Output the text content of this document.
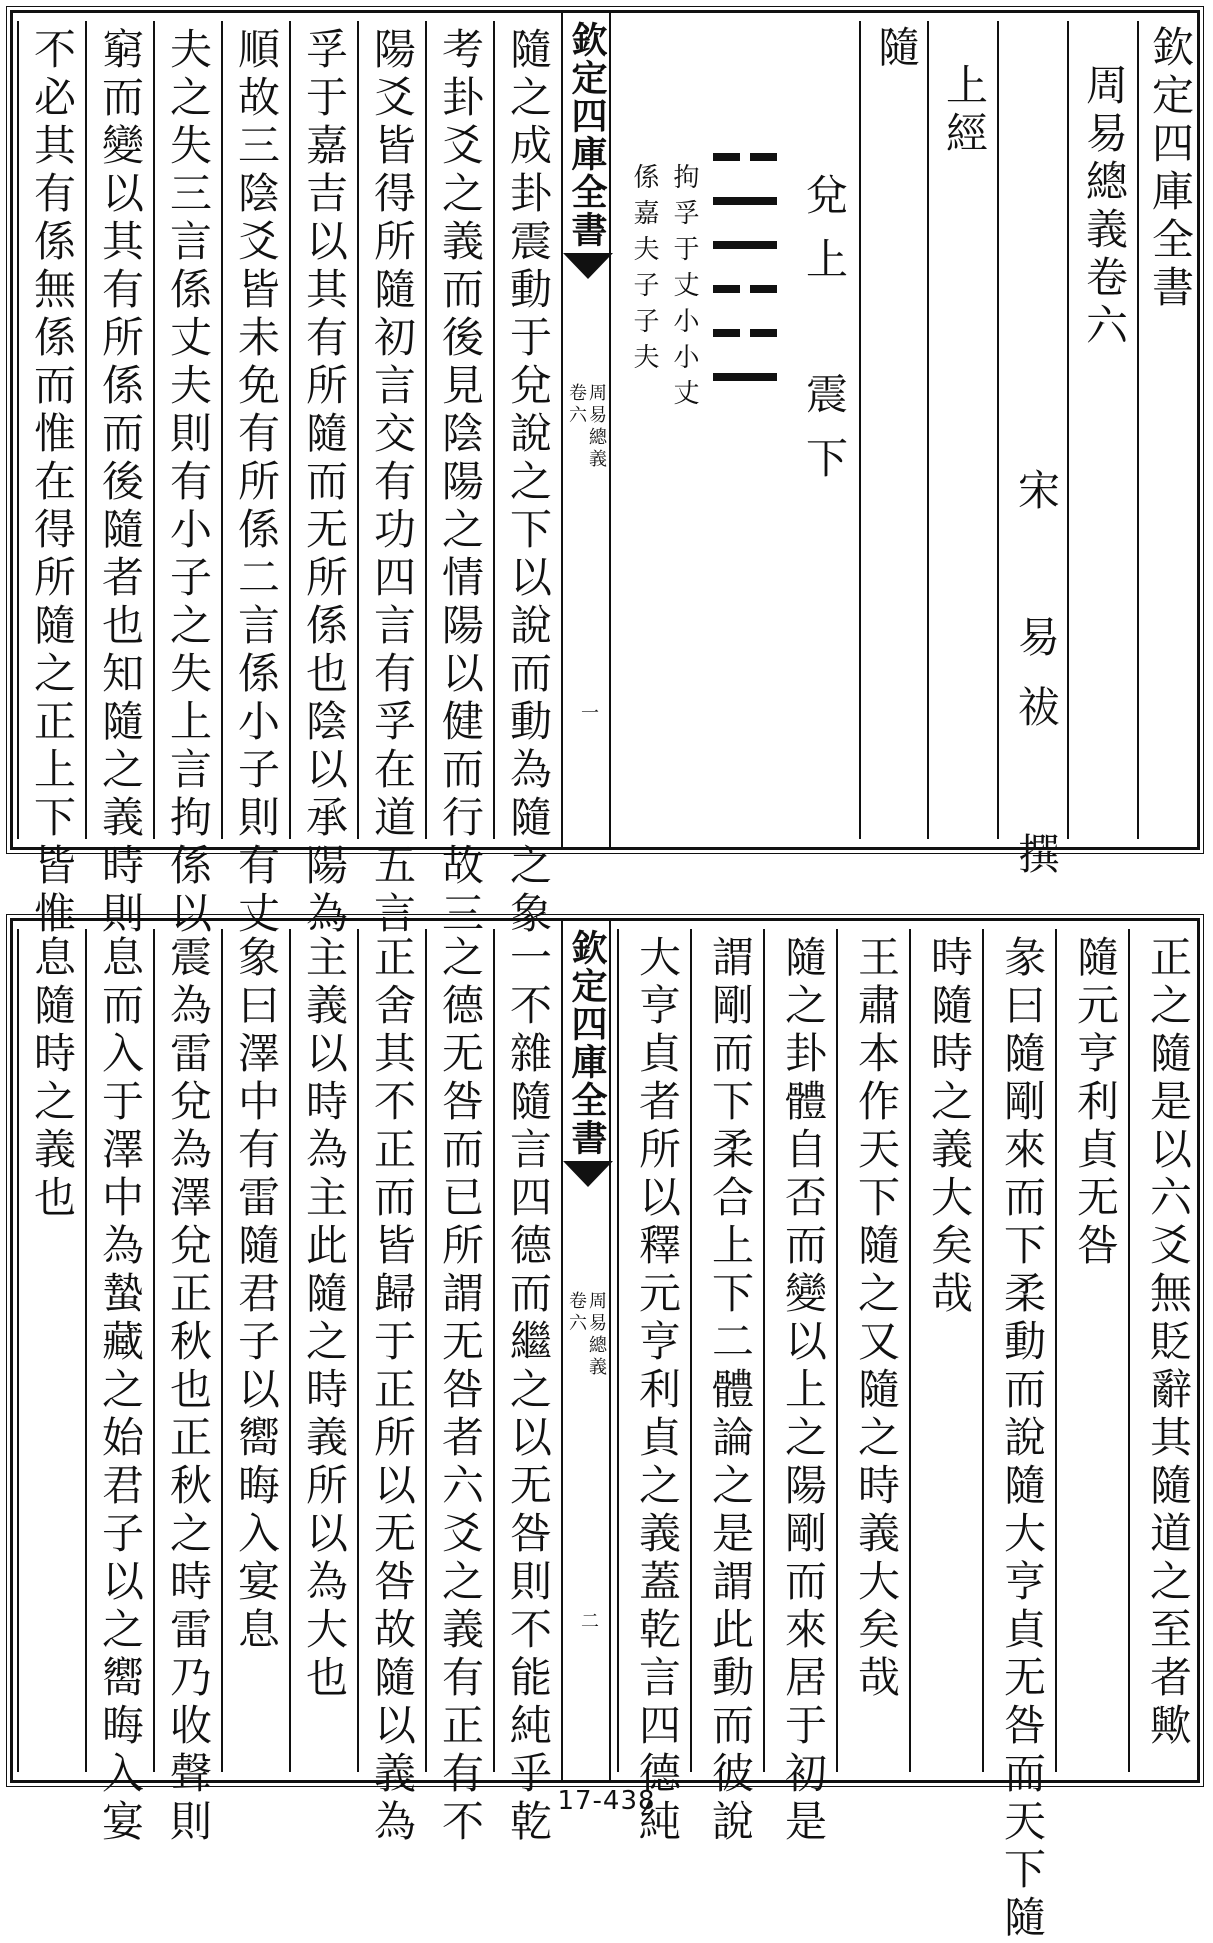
欽定四庫全書
周易總義卷六
宋 易祓 撰
上經
隨
兌上 震下
拘孚于丈小小丈
係嘉夫子子夫
欽定四庫全書
周易總義
卷六
一
隨之成卦震動于兌說之下以說而動為隨之象
考卦爻之義而後見陰陽之情陽以健而行故三
陽爻皆得所隨初言交有功四言有孚在道五言
孚于嘉吉以其有所隨而无所係也陰以承陽為
順故三陰爻皆未免有所係二言係小子則有丈
夫之失三言係丈夫則有小子之失上言拘係以
窮而變以其有所係而後隨者也知隨之義時則
不必其有係無係而惟在得所隨之正上下皆惟
正之隨是以六爻無貶辭其隨道之至者歟
隨元亨利貞无咎
彖曰隨剛來而下柔動而說隨大亨貞无咎而天下隨
時隨時之義大矣哉
王肅本作天下隨之又隨之時義大矣哉
隨之卦體自否而變以上之陽剛而來居于初是
謂剛而下柔合上下二體論之是謂此動而彼說
大亨貞者所以釋元亨利貞之義蓋乾言四德純
欽定四庫全書
周易總義
卷六
二
一不雜隨言四德而繼之以无咎則不能純乎乾
之德无咎而已所謂无咎者六爻之義有正有不
正舍其不正而皆歸于正所以无咎故隨以義為
主義以時為主此隨之時義所以為大也
象曰澤中有雷隨君子以嚮晦入宴息
震為雷兌為澤兌正秋也正秋之時雷乃收聲則
息而入于澤中為蟄藏之始君子以之嚮晦入宴
息隨時之義也
17-438
